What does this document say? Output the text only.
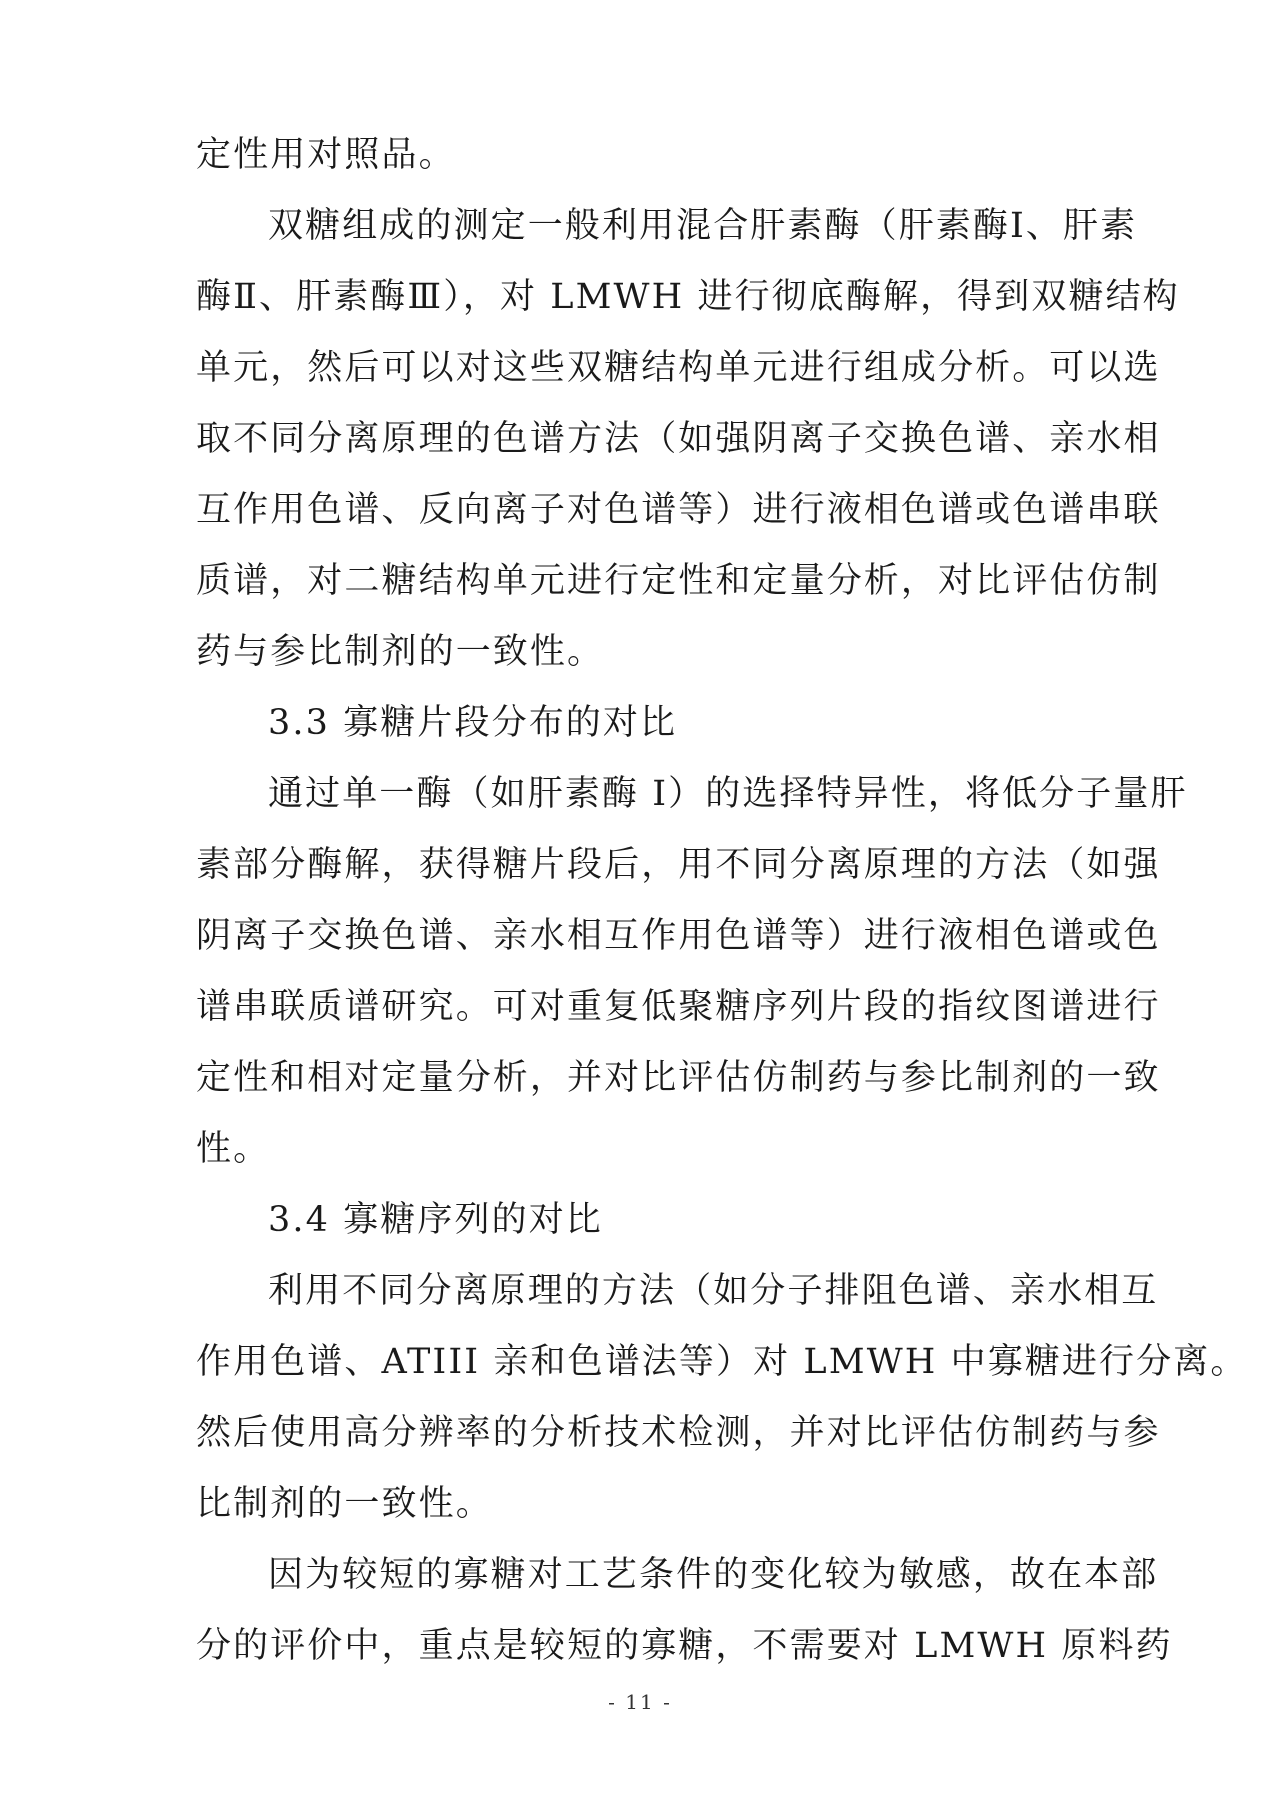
定性用对照品。
双糖组成的测定一般利用混合肝素酶（肝素酶Ⅰ、肝素
酶Ⅱ、肝素酶Ⅲ），对 LMWH 进行彻底酶解，得到双糖结构
单元，然后可以对这些双糖结构单元进行组成分析。可以选
取不同分离原理的色谱方法（如强阴离子交换色谱、亲水相
互作用色谱、反向离子对色谱等）进行液相色谱或色谱串联
质谱，对二糖结构单元进行定性和定量分析，对比评估仿制
药与参比制剂的一致性。
3.3 寡糖片段分布的对比
通过单一酶（如肝素酶 I）的选择特异性，将低分子量肝
素部分酶解，获得糖片段后，用不同分离原理的方法（如强
阴离子交换色谱、亲水相互作用色谱等）进行液相色谱或色
谱串联质谱研究。可对重复低聚糖序列片段的指纹图谱进行
定性和相对定量分析，并对比评估仿制药与参比制剂的一致
性。
3.4 寡糖序列的对比
利用不同分离原理的方法（如分子排阻色谱、亲水相互
作用色谱、ATIII 亲和色谱法等）对 LMWH 中寡糖进行分离。
然后使用高分辨率的分析技术检测，并对比评估仿制药与参
比制剂的一致性。
因为较短的寡糖对工艺条件的变化较为敏感，故在本部
分的评价中，重点是较短的寡糖，不需要对 LMWH 原料药
- 11 -
